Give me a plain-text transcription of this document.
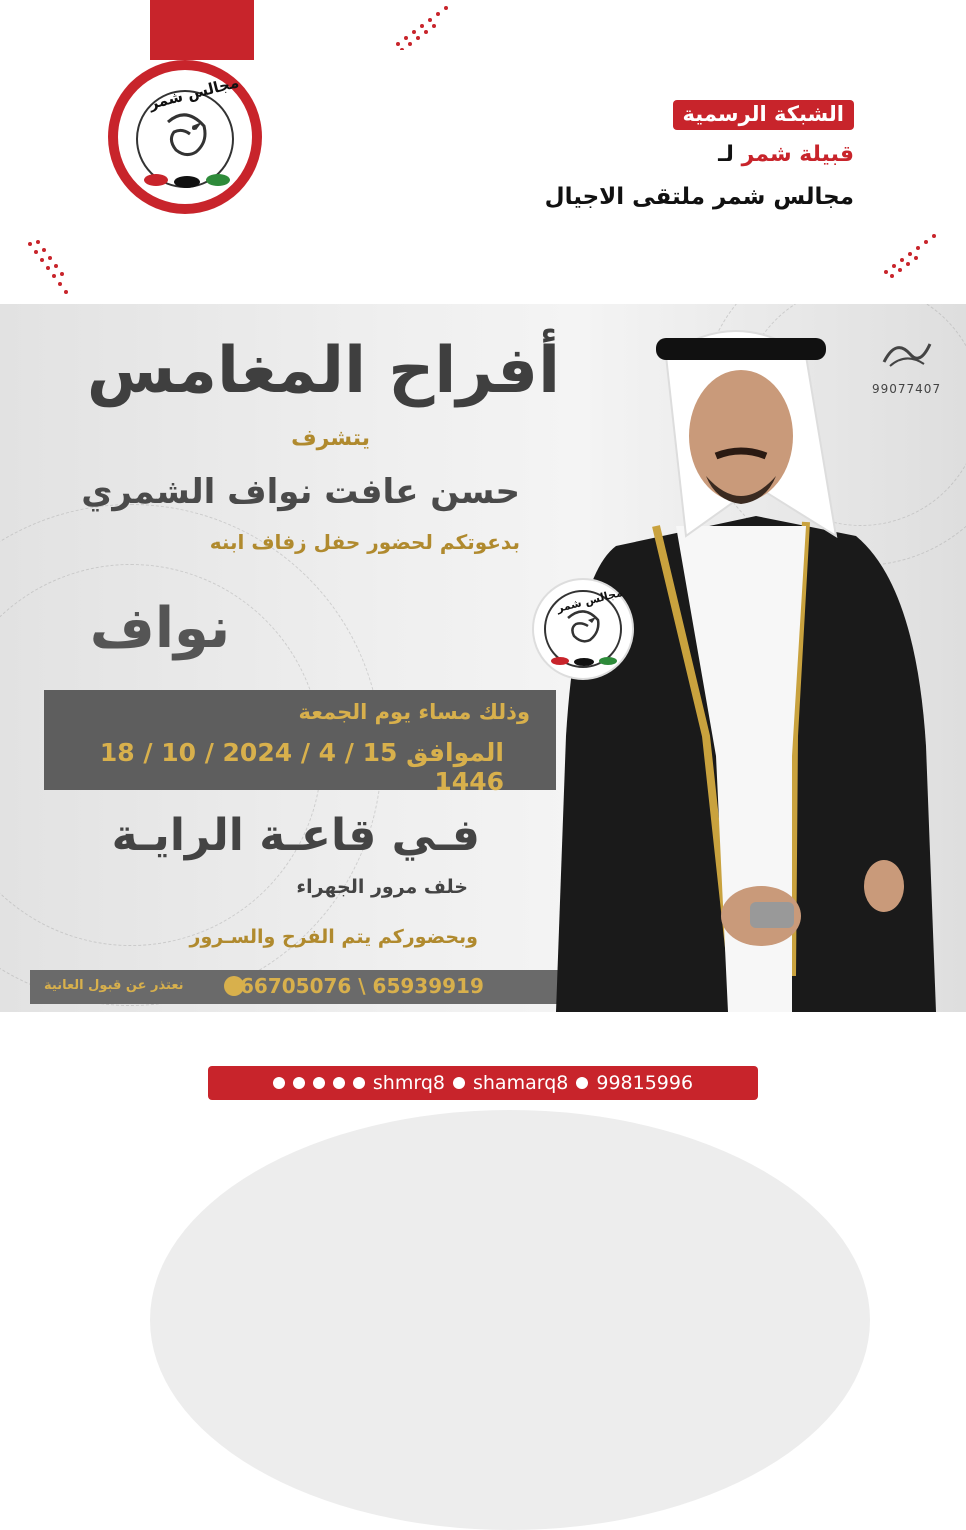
مجالس شمر
الشبكة الرسمية
قبيلة شمر لـ
مجالس شمر ملتقى الاجيال
أفراح المغامس
يتشرف
حسن عافت نواف الشمري
بدعوتكم لحضور حفل زفاف ابنه
نواف
وذلك مساء يوم الجمعة
18 / 10 / 2024 الموافق 15 / 4 / 1446
فـي قاعـة الرايـة
خلف مرور الجهراء
وبحضوركم يتم الفرح والسـرور
66705076 \ 65939919
نعتذر عن قبول العانية
99077407
مجالس شمر
shmrq8 shamarq8 99815996
